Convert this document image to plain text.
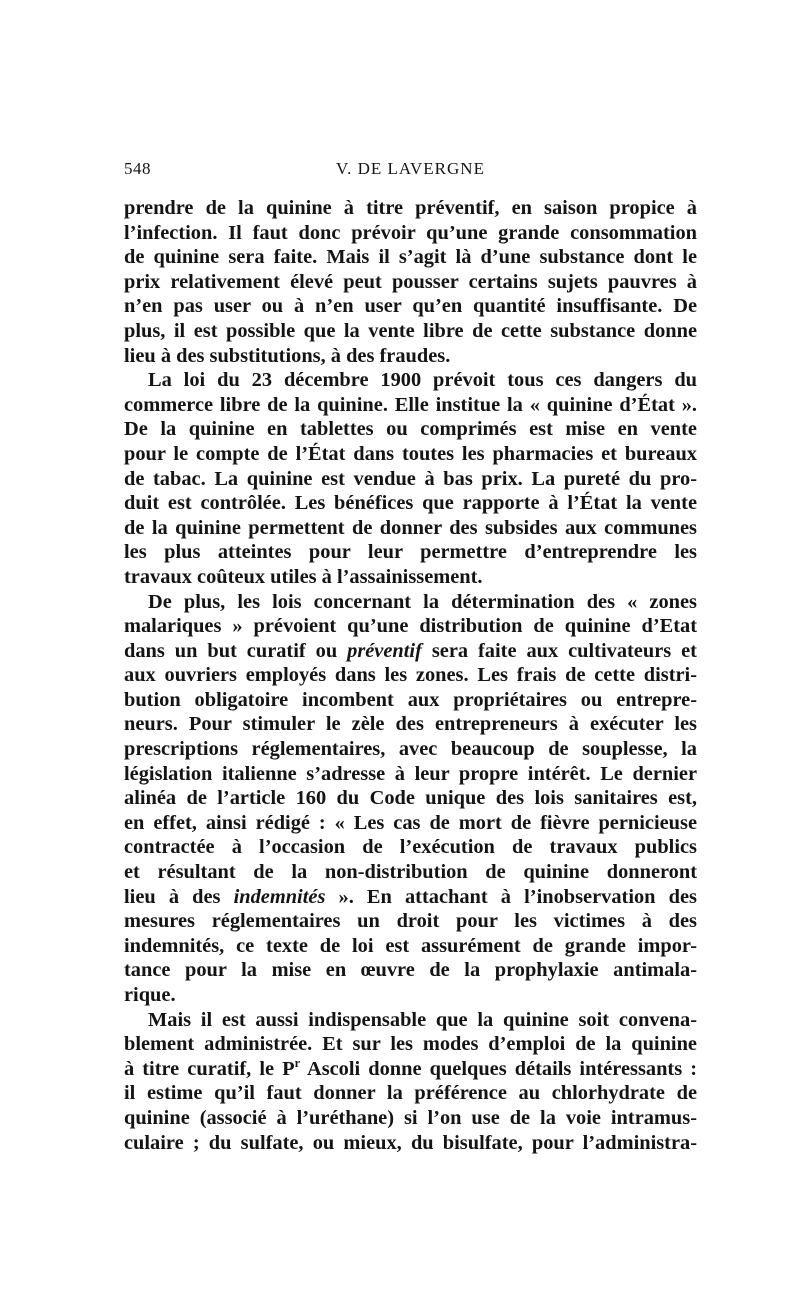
548	V. DE LAVERGNE
prendre de la quinine à titre préventif, en saison propice à
l’infection. Il faut donc prévoir qu’une grande consommation
de quinine sera faite. Mais il s’agit là d’une substance dont le
prix relativement élevé peut pousser certains sujets pauvres à
n’en pas user ou à n’en user qu’en quantité insuffisante. De
plus, il est possible que la vente libre de cette substance donne
lieu à des substitutions, à des fraudes.
La loi du 23 décembre 1900 prévoit tous ces dangers du
commerce libre de la quinine. Elle institue la « quinine d’État ».
De la quinine en tablettes ou comprimés est mise en vente
pour le compte de l’État dans toutes les pharmacies et bureaux
de tabac. La quinine est vendue à bas prix. La pureté du pro-
duit est contrôlée. Les bénéfices que rapporte à l’État la vente
de la quinine permettent de donner des subsides aux communes
les plus atteintes pour leur permettre d’entreprendre les
travaux coûteux utiles à l’assainissement.
De plus, les lois concernant la détermination des « zones
malariques » prévoient qu’une distribution de quinine d’Etat
dans un but curatif ou préventif sera faite aux cultivateurs et
aux ouvriers employés dans les zones. Les frais de cette distri-
bution obligatoire incombent aux propriétaires ou entrepre-
neurs. Pour stimuler le zèle des entrepreneurs à exécuter les
prescriptions réglementaires, avec beaucoup de souplesse, la
législation italienne s’adresse à leur propre intérêt. Le dernier
alinéa de l’article 160 du Code unique des lois sanitaires est,
en effet, ainsi rédigé : « Les cas de mort de fièvre pernicieuse
contractée à l’occasion de l’exécution de travaux publics
et résultant de la non-distribution de quinine donneront
lieu à des indemnités ». En attachant à l’inobservation des
mesures réglementaires un droit pour les victimes à des
indemnités, ce texte de loi est assurément de grande impor-
tance pour la mise en œuvre de la prophylaxie antimala-
rique.
Mais il est aussi indispensable que la quinine soit convena-
blement administrée. Et sur les modes d’emploi de la quinine
à titre curatif, le $P^r$ Ascoli donne quelques détails intéressants :
il estime qu’il faut donner la préférence au chlorhydrate de
quinine (associé à l’uréthane) si l’on use de la voie intramus-
culaire ; du sulfate, ou mieux, du bisulfate, pour l’administra-
